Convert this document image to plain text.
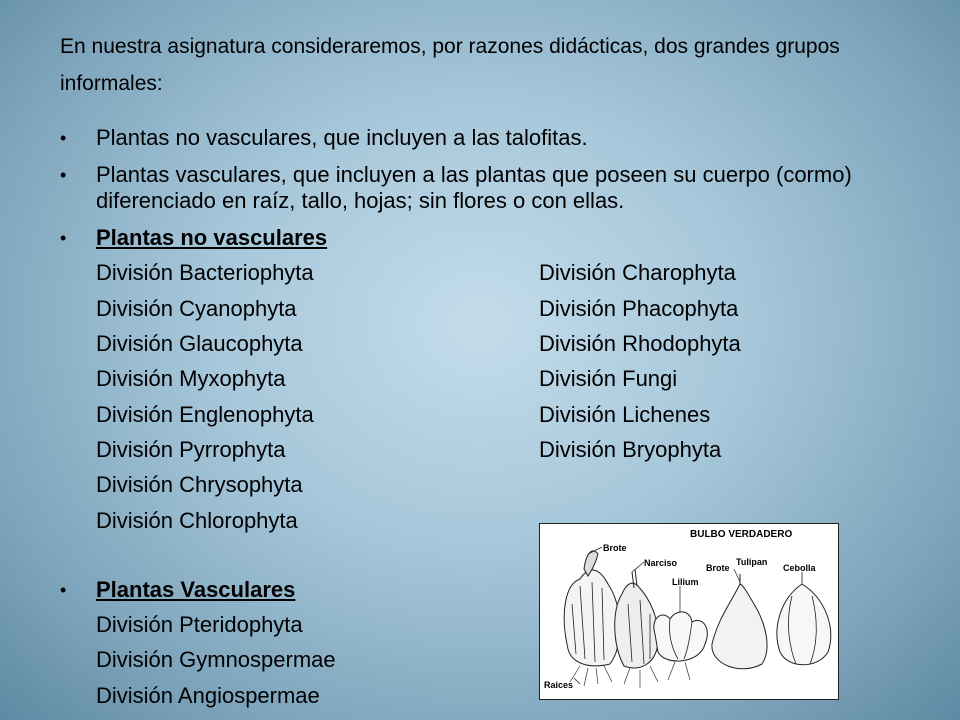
En nuestra asignatura consideraremos, por razones didácticas, dos grandes grupos informales:

•	Plantas no vasculares, que incluyen a las talofitas.
•	Plantas vasculares, que incluyen a las plantas que poseen su cuerpo (cormo) diferenciado en raíz, tallo, hojas; sin flores o con ellas.
•	Plantas no vasculares
División Bacteriophyta
División Cyanophyta
División Glaucophyta
División Myxophyta
División Englenophyta
División Pyrrophyta
División Chrysophyta
División Chlorophyta
División Charophyta
División Phacophyta
División Rhodophyta
División Fungi
División Lichenes
División Bryophyta
•	Plantas Vasculares
División Pteridophyta
División Gymnospermae
División Angiospermae
BULBO VERDADERO
Brote
Narciso
Lilium
Brote
Tulipan
Cebolla
Raices
